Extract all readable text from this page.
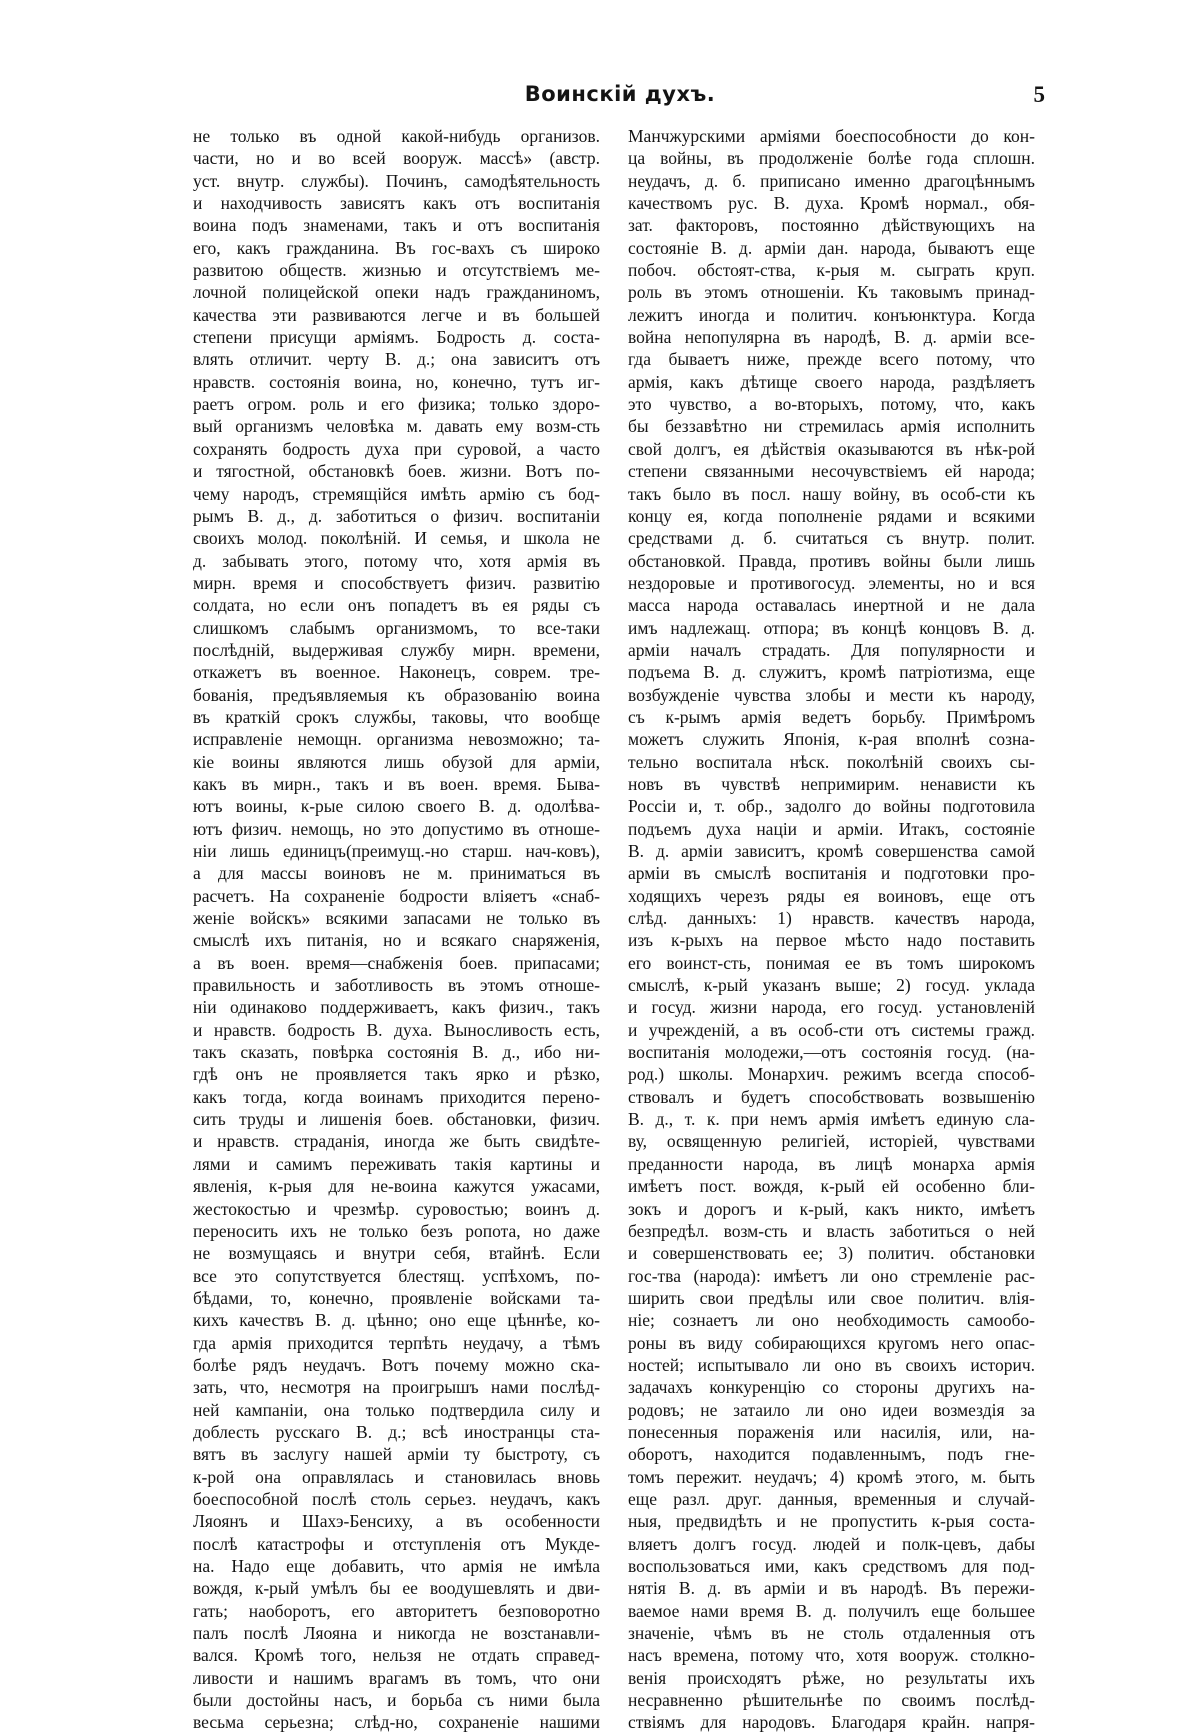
Воинскій духъ.	5
не только въ одной какой-нибудь организов.
части, но и во всей вооруж. массѣ» (австр.
уст. внутр. службы). Починъ, самодѣятельность
и находчивость зависятъ какъ отъ воспитанія
воина подъ знаменами, такъ и отъ воспитанія
его, какъ гражданина. Въ гос-вахъ съ широко
развитою обществ. жизнью и отсутствіемъ ме-
лочной полицейской опеки надъ гражданиномъ,
качества эти развиваются легче и въ большей
степени присущи арміямъ. Бодрость д. соста-
влять отличит. черту В. д.; она зависитъ отъ
нравств. состоянія воина, но, конечно, тутъ иг-
раетъ огром. роль и его физика; только здоро-
вый организмъ человѣка м. давать ему возм-сть
сохранять бодрость духа при суровой, а часто
и тягостной, обстановкѣ боев. жизни. Вотъ по-
чему народъ, стремящійся имѣть армію съ бод-
рымъ В. д., д. заботиться о физич. воспитаніи
своихъ молод. поколѣній. И семья, и школа не
д. забывать этого, потому что, хотя армія въ
мирн. время и способствуетъ физич. развитію
солдата, но если онъ попадетъ въ ея ряды съ
слишкомъ слабымъ организмомъ, то все-таки
послѣдній, выдерживая службу мирн. времени,
откажетъ въ военное. Наконецъ, соврем. тре-
бованія, предъявляемыя къ образованію воина
въ краткій срокъ службы, таковы, что вообще
исправленіе немощн. организма невозможно; та-
кіе воины являются лишь обузой для арміи,
какъ въ мирн., такъ и въ воен. время. Быва-
ютъ воины, к-рые силою своего В. д. одолѣва-
ютъ физич. немощь, но это допустимо въ отноше-
ніи лишь единицъ(преимущ.-но старш. нач-ковъ),
а для массы воиновъ не м. приниматься въ
расчетъ. На сохраненіе бодрости вліяетъ «снаб-
женіе войскъ» всякими запасами не только въ
смыслѣ ихъ питанія, но и всякаго снаряженія,
а въ воен. время—снабженія боев. припасами;
правильность и заботливость въ этомъ отноше-
ніи одинаково поддерживаетъ, какъ физич., такъ
и нравств. бодрость В. духа. Выносливость есть,
такъ сказать, повѣрка состоянія В. д., ибо ни-
гдѣ онъ не проявляется такъ ярко и рѣзко,
какъ тогда, когда воинамъ приходится перено-
сить труды и лишенія боев. обстановки, физич.
и нравств. страданія, иногда же быть свидѣте-
лями и самимъ переживать такія картины и
явленія, к-рыя для не-воина кажутся ужасами,
жестокостью и чрезмѣр. суровостью; воинъ д.
переносить ихъ не только безъ ропота, но даже
не возмущаясь и внутри себя, втайнѣ. Если
все это сопутствуется блестящ. успѣхомъ, по-
бѣдами, то, конечно, проявленіе войсками та-
кихъ качествъ В. д. цѣнно; оно еще цѣннѣе, ко-
гда армія приходится терпѣть неудачу, а тѣмъ
болѣе рядъ неудачъ. Вотъ почему можно ска-
зать, что, несмотря на проигрышъ нами послѣд-
ней кампаніи, она только подтвердила силу и
доблесть русскаго В. д.; всѣ иностранцы ста-
вятъ въ заслугу нашей арміи ту быстроту, съ
к-рой она оправлялась и становилась вновь
боеспособной послѣ столь серьез. неудачъ, какъ
Ляоянъ и Шахэ-Бенсиху, а въ особенности
послѣ катастрофы и отступленія отъ Мукде-
на. Надо еще добавить, что армія не имѣла
вождя, к-рый умѣлъ бы ее воодушевлять и дви-
гать; наоборотъ, его авторитетъ безповоротно
палъ послѣ Ляояна и никогда не возстанавли-
вался. Кромѣ того, нельзя не отдать справед-
ливости и нашимъ врагамъ въ томъ, что они
были достойны насъ, и борьба съ ними была
весьма серьезна; слѣд-но, сохраненіе нашими
Манчжурскими арміями боеспособности до кон-
ца войны, въ продолженіе болѣе года сплошн.
неудачъ, д. б. приписано именно драгоцѣннымъ
качествомъ рус. В. духа. Кромѣ нормал., обя-
зат. факторовъ, постоянно дѣйствующихъ на
состояніе В. д. арміи дан. народа, бываютъ еще
побоч. обстоят-ства, к-рыя м. сыграть круп.
роль въ этомъ отношеніи. Къ таковымъ принад-
лежитъ иногда и политич. конъюнктура. Когда
война непопулярна въ народѣ, В. д. арміи все-
гда бываетъ ниже, прежде всего потому, что
армія, какъ дѣтище своего народа, раздѣляетъ
это чувство, а во-вторыхъ, потому, что, какъ
бы беззавѣтно ни стремилась армія исполнить
свой долгъ, ея дѣйствія оказываются въ нѣк-рой
степени связанными несочувствіемъ ей народа;
такъ было въ посл. нашу войну, въ особ-сти къ
концу ея, когда пополненіе рядами и всякими
средствами д. б. считаться съ внутр. полит.
обстановкой. Правда, противъ войны были лишь
нездоровые и противогосуд. элементы, но и вся
масса народа оставалась инертной и не дала
имъ надлежащ. отпора; въ концѣ концовъ В. д.
арміи началъ страдать. Для популярности и
подъема В. д. служитъ, кромѣ патріотизма, еще
возбужденіе чувства злобы и мести къ народу,
съ к-рымъ армія ведетъ борьбу. Примѣромъ
можетъ служить Японія, к-рая вполнѣ созна-
тельно воспитала нѣск. поколѣній своихъ сы-
новъ въ чувствѣ непримирим. ненависти къ
Россіи и, т. обр., задолго до войны подготовила
подъемъ духа націи и арміи. Итакъ, состояніе
В. д. арміи зависитъ, кромѣ совершенства самой
арміи въ смыслѣ воспитанія и подготовки про-
ходящихъ черезъ ряды ея воиновъ, еще отъ
слѣд. данныхъ: 1) нравств. качествъ народа,
изъ к-рыхъ на первое мѣсто надо поставить
его воинст-сть, понимая ее въ томъ широкомъ
смыслѣ, к-рый указанъ выше; 2) госуд. уклада
и госуд. жизни народа, его госуд. установленій
и учрежденій, а въ особ-сти отъ системы гражд.
воспитанія молодежи,—отъ состоянія госуд. (на-
род.) школы. Монархич. режимъ всегда способ-
ствовалъ и будетъ способствовать возвышенію
В. д., т. к. при немъ армія имѣетъ единую сла-
ву, освященную религіей, исторіей, чувствами
преданности народа, въ лицѣ монарха армія
имѣетъ пост. вождя, к-рый ей особенно бли-
зокъ и дорогъ и к-рый, какъ никто, имѣетъ
безпредѣл. возм-сть и власть заботиться о ней
и совершенствовать ее; 3) политич. обстановки
гос-тва (народа): имѣетъ ли оно стремленіе рас-
ширить свои предѣлы или свое политич. влія-
ніе; сознаетъ ли оно необходимость самообо-
роны въ виду собирающихся кругомъ него опас-
ностей; испытывало ли оно въ своихъ историч.
задачахъ конкуренцію со стороны другихъ на-
родовъ; не затаило ли оно идеи возмездія за
понесенныя пораженія или насилія, или, на-
оборотъ, находится подавленнымъ, подъ гне-
томъ пережит. неудачъ; 4) кромѣ этого, м. быть
еще разл. друг. данныя, временныя и случай-
ныя, предвидѣть и не пропустить к-рыя соста-
вляетъ долгъ госуд. людей и полк-цевъ, дабы
воспользоваться ими, какъ средствомъ для под-
нятія В. д. въ арміи и въ народѣ. Въ пережи-
ваемое нами время В. д. получилъ еще большее
значеніе, чѣмъ въ не столь отдаленныя отъ
насъ времена, потому что, хотя вооруж. столкно-
венія происходятъ рѣже, но результаты ихъ
несравненно рѣшительнѣе по своимъ послѣд-
ствіямъ для народовъ. Благодаря крайн. напря-
